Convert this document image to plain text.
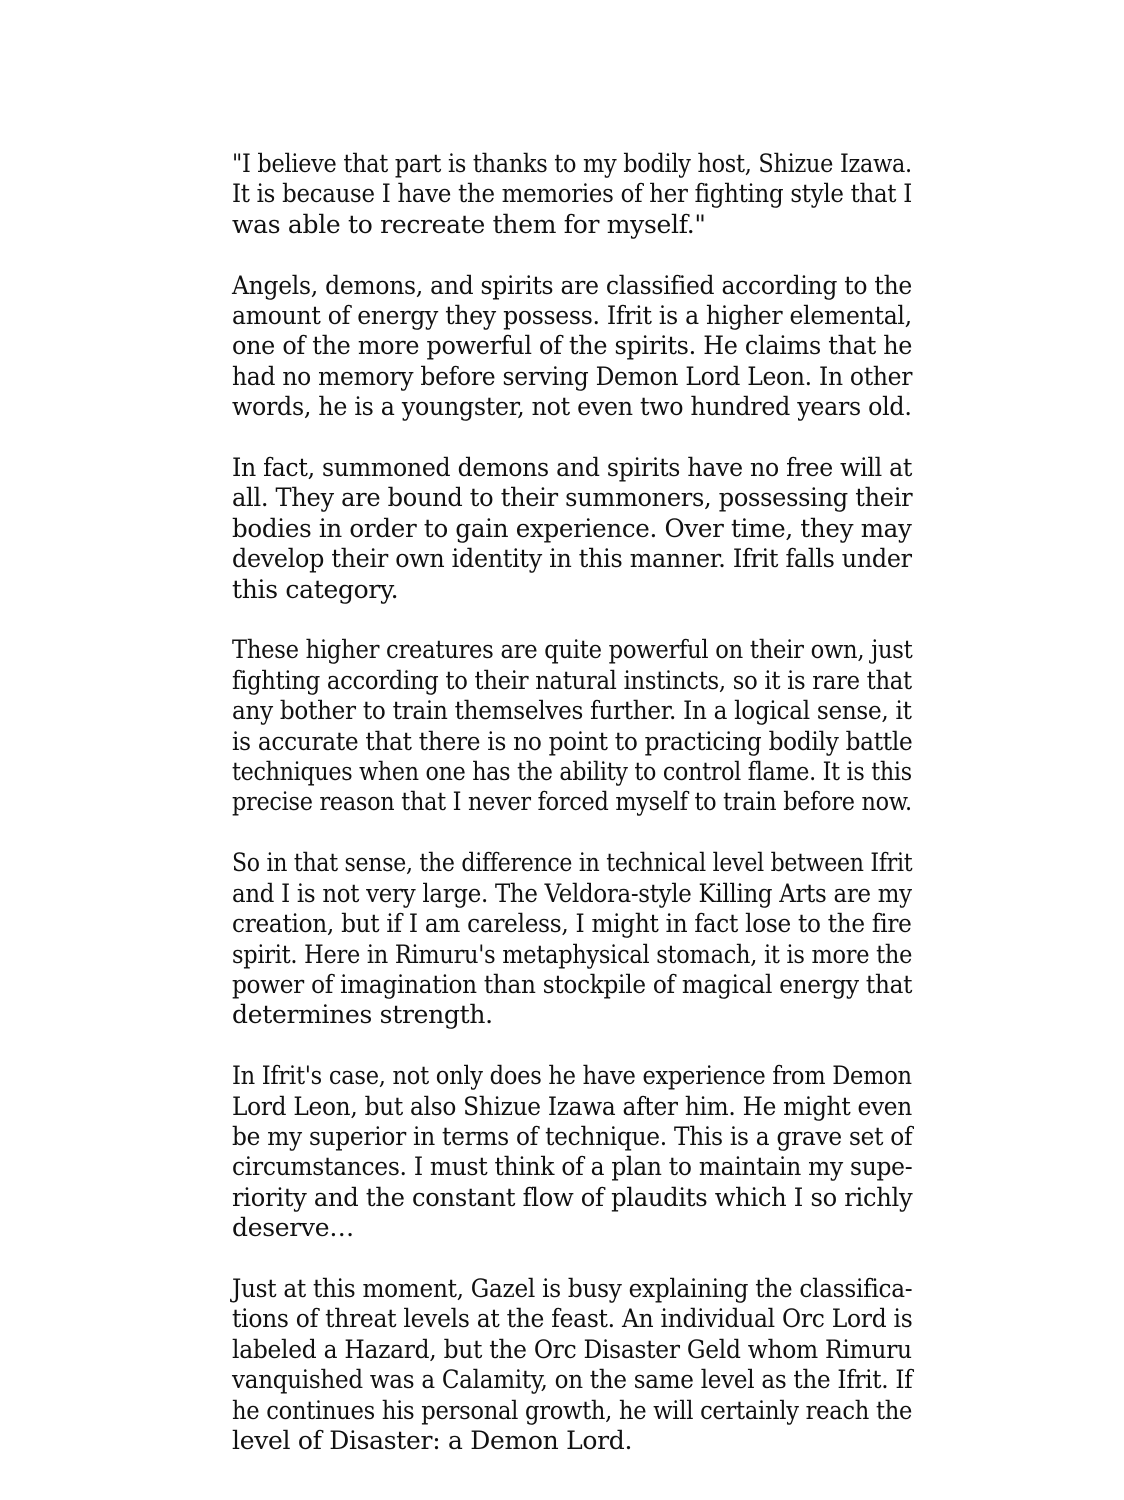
"I believe that part is thanks to my bodily host, Shizue Izawa.
It is because I have the memories of her fighting style that I
was able to recreate them for myself."

Angels, demons, and spirits are classified according to the
amount of energy they possess. Ifrit is a higher elemental,
one of the more powerful of the spirits. He claims that he
had no memory before serving Demon Lord Leon. In other
words, he is a youngster, not even two hundred years old.

In fact, summoned demons and spirits have no free will at
all. They are bound to their summoners, possessing their
bodies in order to gain experience. Over time, they may
develop their own identity in this manner. Ifrit falls under
this category.

These higher creatures are quite powerful on their own, just
fighting according to their natural instincts, so it is rare that
any bother to train themselves further. In a logical sense, it
is accurate that there is no point to practicing bodily battle
techniques when one has the ability to control flame. It is this
precise reason that I never forced myself to train before now.

So in that sense, the difference in technical level between Ifrit
and I is not very large. The Veldora-style Killing Arts are my
creation, but if I am careless, I might in fact lose to the fire
spirit. Here in Rimuru's metaphysical stomach, it is more the
power of imagination than stockpile of magical energy that
determines strength.

In Ifrit's case, not only does he have experience from Demon
Lord Leon, but also Shizue Izawa after him. He might even
be my superior in terms of technique. This is a grave set of
circumstances. I must think of a plan to maintain my supe-
riority and the constant flow of plaudits which I so richly
deserve…

Just at this moment, Gazel is busy explaining the classifica-
tions of threat levels at the feast. An individual Orc Lord is
labeled a Hazard, but the Orc Disaster Geld whom Rimuru
vanquished was a Calamity, on the same level as the Ifrit. If
he continues his personal growth, he will certainly reach the
level of Disaster: a Demon Lord.
